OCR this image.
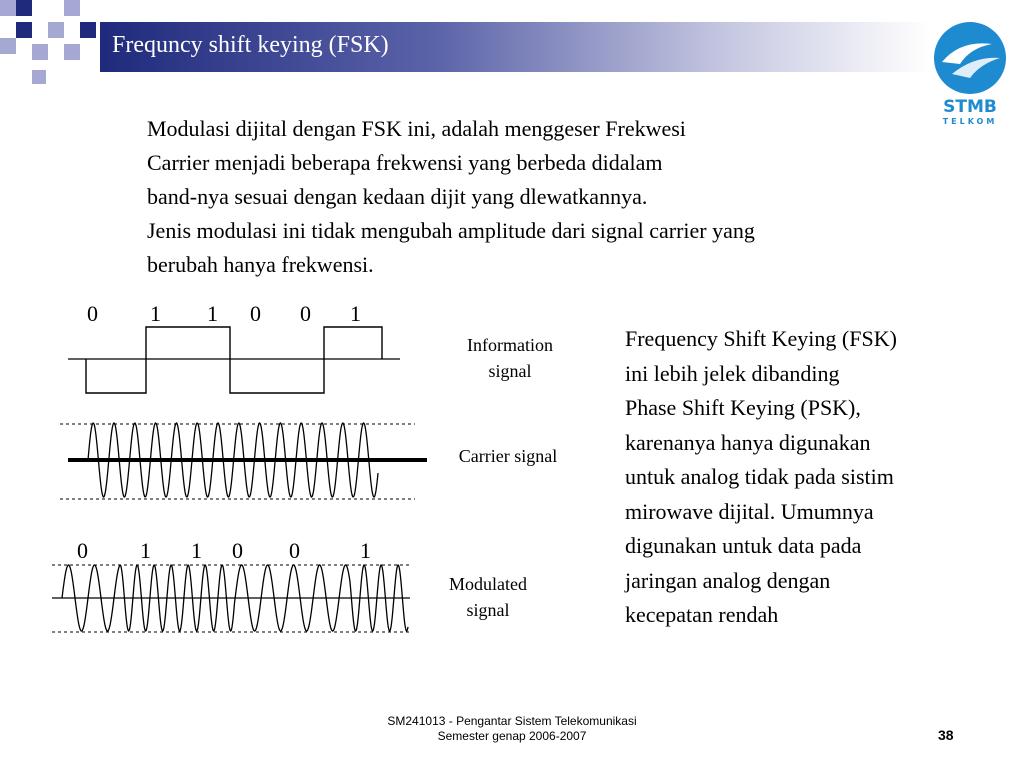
Frequncy shift keying (FSK)
STMB
TELKOM
Modulasi dijital dengan FSK ini, adalah menggeser Frekwesi
Carrier menjadi beberapa frekwensi yang berbeda didalam
band-nya sesuai dengan kedaan dijit yang dlewatkannya.
Jenis modulasi ini tidak mengubah amplitude dari signal carrier yang
berubah hanya frekwensi.
Frequency Shift Keying (FSK)
ini lebih jelek dibanding
Phase Shift Keying (PSK),
karenanya hanya digunakan
untuk analog tidak pada sistim
mirowave dijital. Umumnya
digunakan untuk data pada
jaringan analog dengan
kecepatan rendah
0 1 1 0 0 1
0 1 1 0 0	1
Information
signal
Carrier signal
Modulated
signal
SM241013 - Pengantar Sistem Telekomunikasi
Semester genap 2006-2007	38
